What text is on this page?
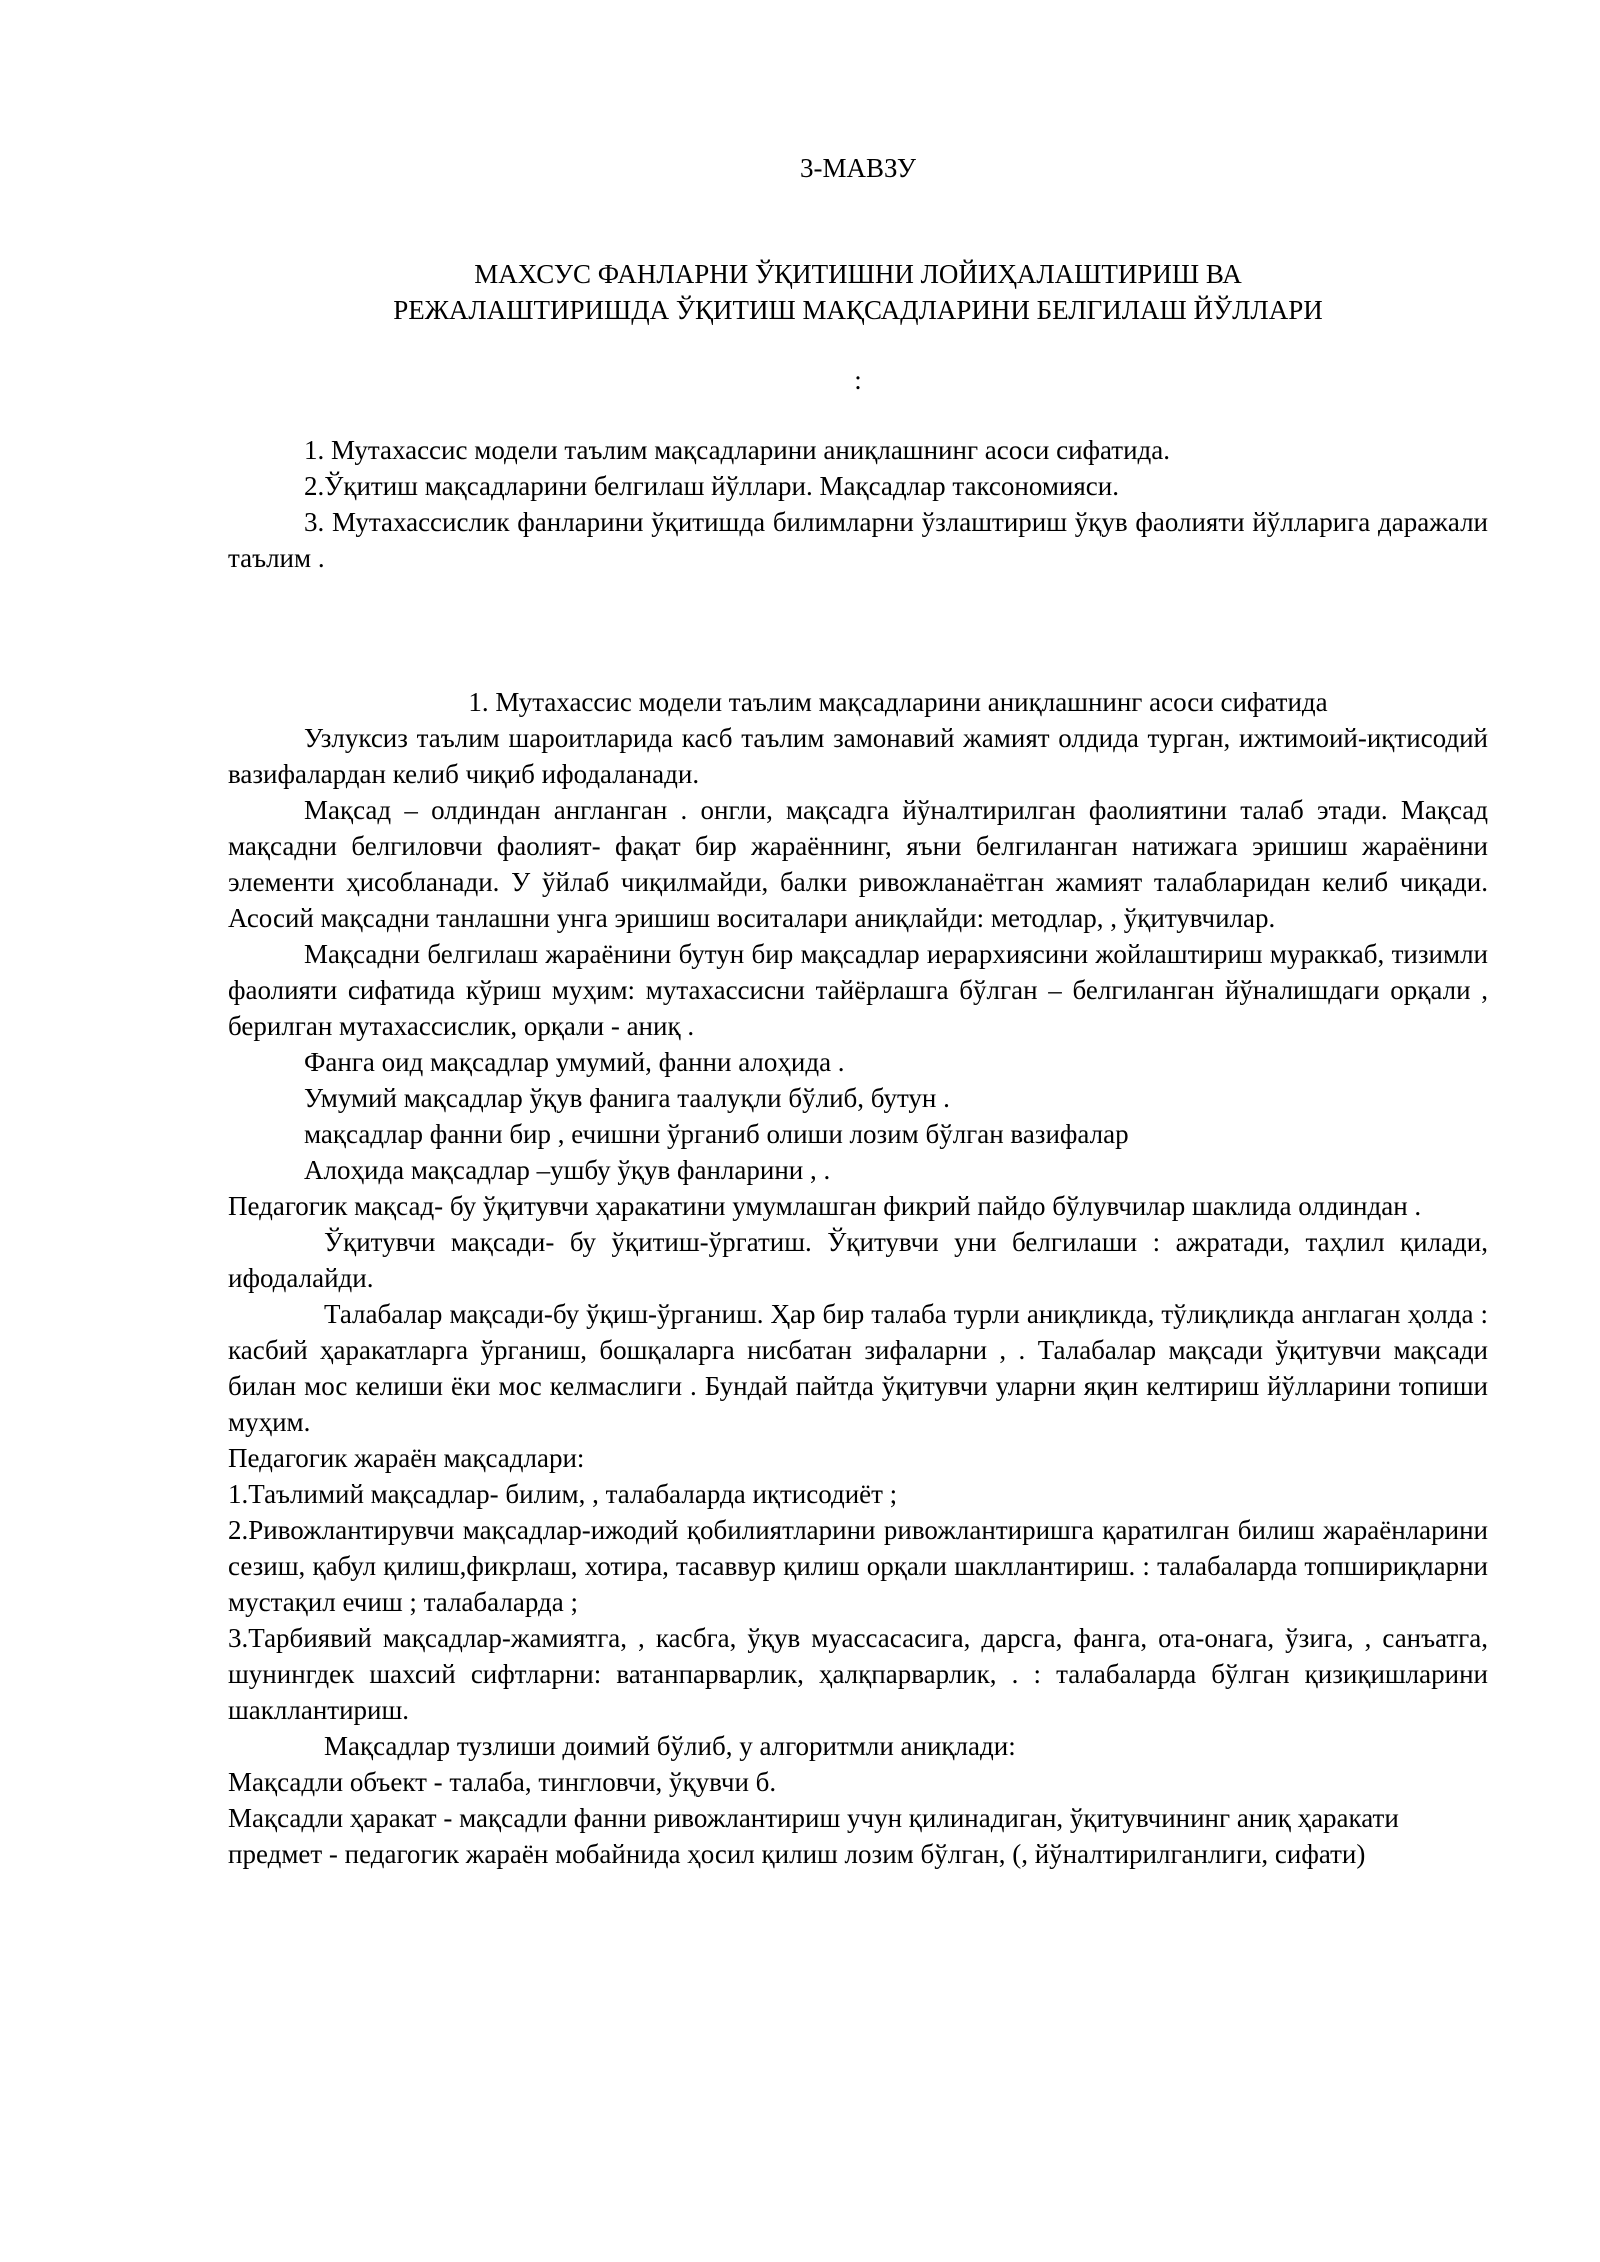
3-МАВЗУ
МАХСУС ФАНЛАРНИ ЎҚИТИШНИ ЛОЙИҲАЛАШТИРИШ ВА
РЕЖАЛАШТИРИШДА ЎҚИТИШ МАҚСАДЛАРИНИ БЕЛГИЛАШ ЙЎЛЛАРИ
:

1. Мутахассис модели таълим мақсадларини аниқлашнинг асоси сифатида.

2.Ўқитиш мақсадларини белгилаш йўллари. Мақсадлар таксономияси.

3. Мутахассислик фанларини ўқитишда билимларни ўзлаштириш ўқув фаолияти йўлларига даражали таълим .

1. Мутахассис модели таълим мақсадларини аниқлашнинг асоси сифатида

Узлуксиз таълим шароитларида касб таълим замонавий жамият олдида турган, ижтимоий-иқтисодий вазифалардан келиб чиқиб ифодаланади.

Мақсад – олдиндан англанган . онгли, мақсадга йўналтирилган фаолиятини талаб этади. Мақсад мақсадни белгиловчи фаолият- фақат бир жараённинг, яъни белгиланган натижага эришиш жараёнини элементи ҳисобланади. У ўйлаб чиқилмайди, балки ривожланаётган жамият талабларидан келиб чиқади. Асосий мақсадни танлашни унга эришиш воситалари аниқлайди: методлар, , ўқитувчилар.

Мақсадни белгилаш жараёнини бутун бир мақсадлар иерархиясини жойлаштириш мураккаб, тизимли фаолияти сифатида кўриш муҳим: мутахассисни тайёрлашга бўлган – белгиланган йўналишдаги орқали , берилган мутахассислик, орқали - аниқ .

Фанга оид мақсадлар умумий, фанни алоҳида .

Умумий мақсадлар ўқув фанига таалуқли бўлиб, бутун .

мақсадлар фанни бир , ечишни ўрганиб олиши лозим бўлган вазифалар

Алоҳида мақсадлар –ушбу ўқув фанларини , .

Педагогик мақсад- бу ўқитувчи ҳаракатини умумлашган фикрий пайдо бўлувчилар шаклида олдиндан .

Ўқитувчи мақсади- бу ўқитиш-ўргатиш. Ўқитувчи уни белгилаши : ажратади, таҳлил қилади, ифодалайди.

Талабалар мақсади-бу ўқиш-ўрганиш. Ҳар бир талаба турли аниқликда, тўлиқликда англаган ҳолда : касбий ҳаракатларга ўрганиш, бошқаларга нисбатан зифаларни , . Талабалар мақсади ўқитувчи мақсади билан мос келиши ёки мос келмаслиги . Бундай пайтда ўқитувчи уларни яқин келтириш йўлларини топиши муҳим.

Педагогик жараён мақсадлари:

1.Таълимий мақсадлар- билим, , талабаларда иқтисодиёт ;

2.Ривожлантирувчи мақсадлар-ижодий қобилиятларини ривожлантиришга қаратилган билиш жараёнларини сезиш, қабул қилиш,фикрлаш, хотира, тасаввур қилиш орқали шакллантириш. : талабаларда топшириқларни мустақил ечиш ; талабаларда ;

3.Тарбиявий мақсадлар-жамиятга, , касбга, ўқув муассасасига, дарсга, фанга, ота-онага, ўзига, , санъатга, шунингдек шахсий сифтларни: ватанпарварлик, ҳалқпарварлик, . : талабаларда бўлган қизиқишларини шакллантириш.

Мақсадлар тузлиши доимий бўлиб, у алгоритмли аниқлади:

Мақсадли объект - талаба, тингловчи, ўқувчи б.

Мақсадли ҳаракат - мақсадли фанни ривожлантириш учун қилинадиган, ўқитувчининг аниқ ҳаракати

предмет - педагогик жараён мобайнида ҳосил қилиш лозим бўлган, (, йўналтирилганлиги, сифати)
